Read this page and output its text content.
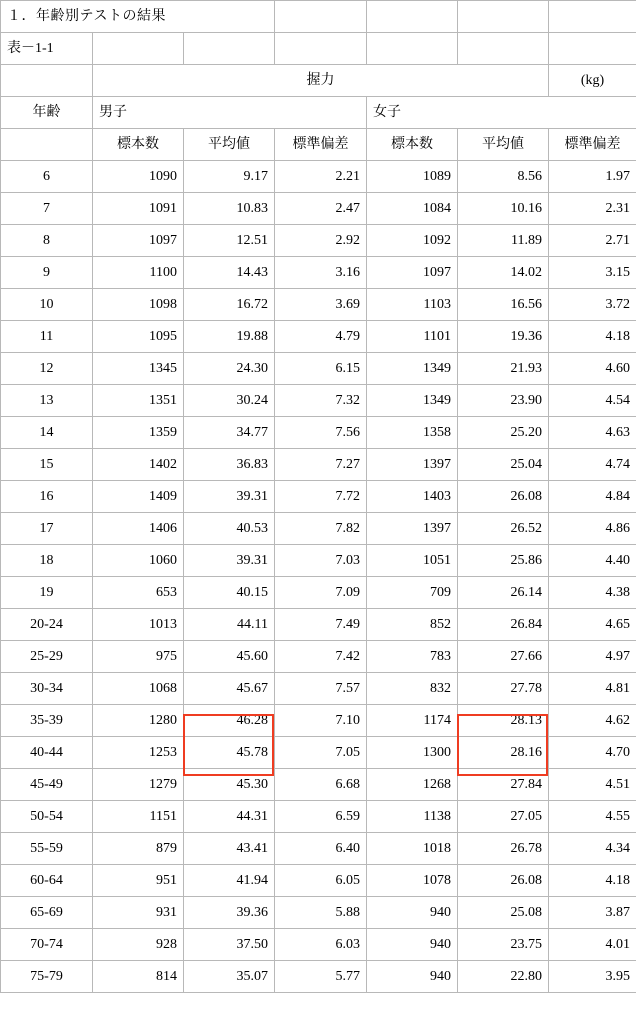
１．年齢別テストの結果						
表－1-1						
	握力					(kg)
年齢	男子			女子		
	標本数	平均値	標準偏差	標本数	平均値	標準偏差
6	1090	9.17	2.21	1089	8.56	1.97
7	1091	10.83	2.47	1084	10.16	2.31
8	1097	12.51	2.92	1092	11.89	2.71
9	1100	14.43	3.16	1097	14.02	3.15
10	1098	16.72	3.69	1103	16.56	3.72
11	1095	19.88	4.79	1101	19.36	4.18
12	1345	24.30	6.15	1349	21.93	4.60
13	1351	30.24	7.32	1349	23.90	4.54
14	1359	34.77	7.56	1358	25.20	4.63
15	1402	36.83	7.27	1397	25.04	4.74
16	1409	39.31	7.72	1403	26.08	4.84
17	1406	40.53	7.82	1397	26.52	4.86
18	1060	39.31	7.03	1051	25.86	4.40
19	653	40.15	7.09	709	26.14	4.38
20-24	1013	44.11	7.49	852	26.84	4.65
25-29	975	45.60	7.42	783	27.66	4.97
30-34	1068	45.67	7.57	832	27.78	4.81
35-39	1280	46.28	7.10	1174	28.13	4.62
40-44	1253	45.78	7.05	1300	28.16	4.70
45-49	1279	45.30	6.68	1268	27.84	4.51
50-54	1151	44.31	6.59	1138	27.05	4.55
55-59	879	43.41	6.40	1018	26.78	4.34
60-64	951	41.94	6.05	1078	26.08	4.18
65-69	931	39.36	5.88	940	25.08	3.87
70-74	928	37.50	6.03	940	23.75	4.01
75-79	814	35.07	5.77	940	22.80	3.95
